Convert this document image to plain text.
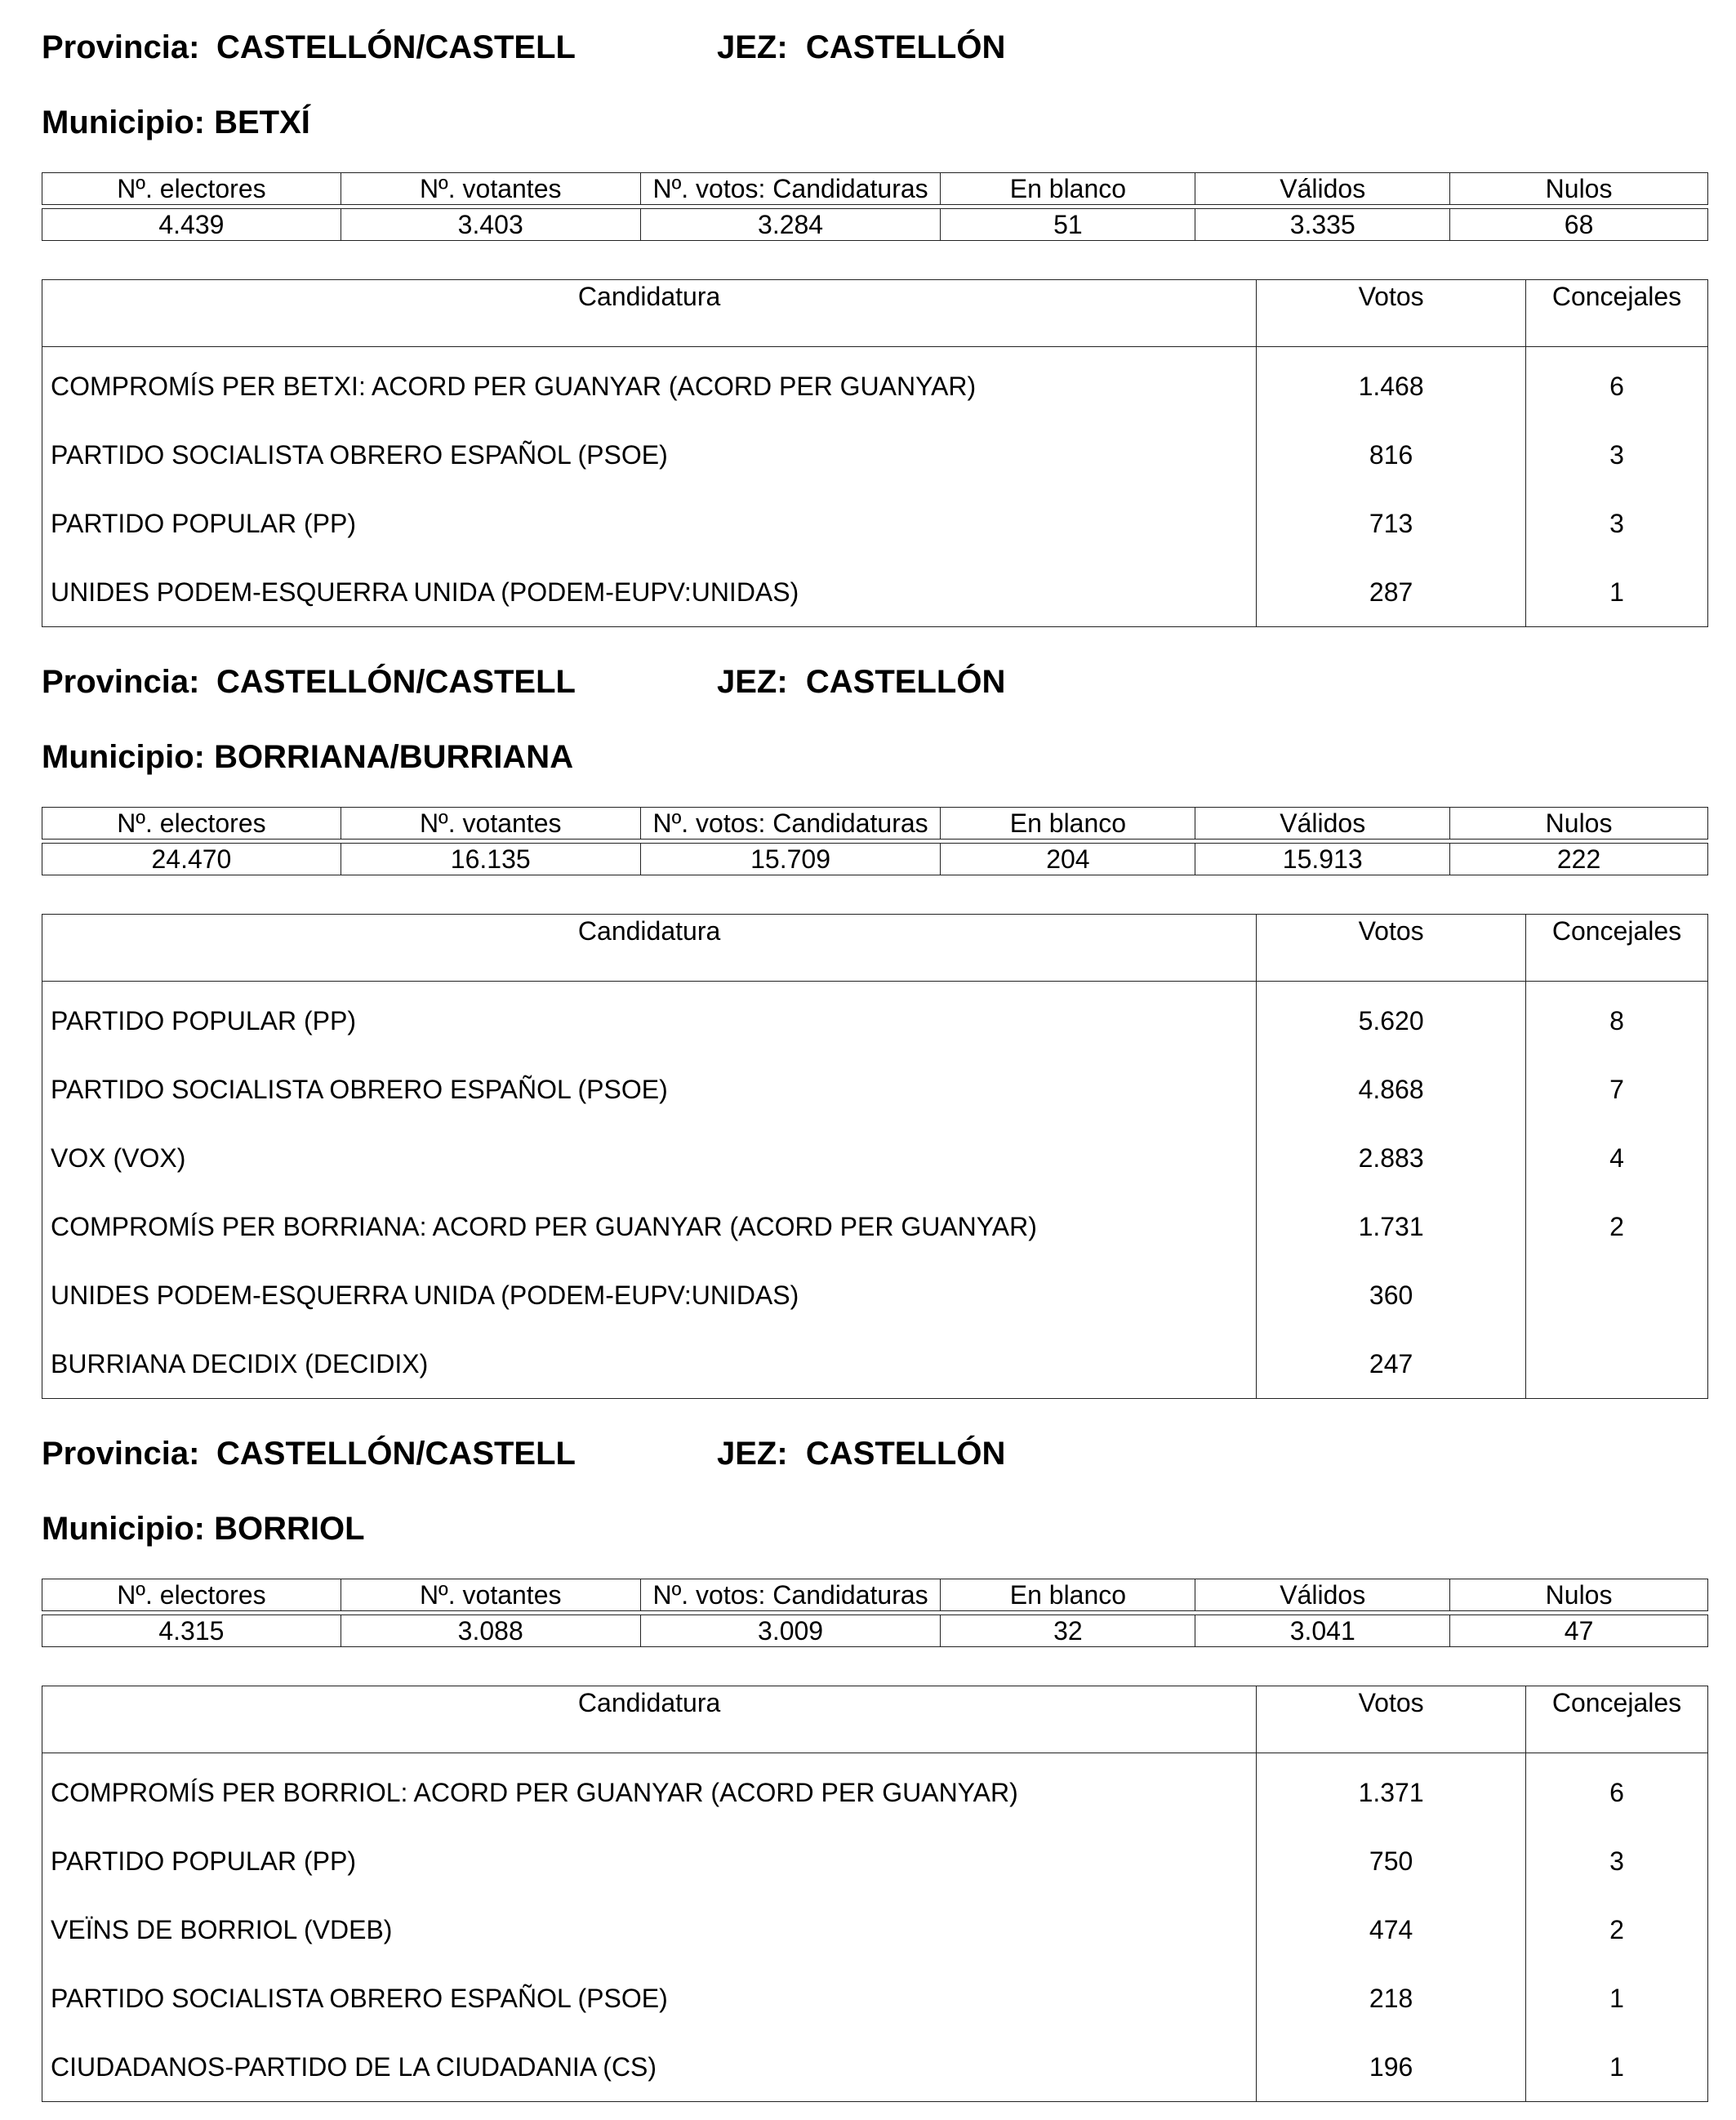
Provincia: CASTELLÓN/CASTELL	JEZ: CASTELLÓN
Municipio: BETXÍ
Nº. electores	Nº. votantes	Nº. votos: Candidaturas	En blanco	Válidos	Nulos

4.439	3.403	3.284	51	3.335	68
Candidatura	Votos	Concejales
COMPROMÍS PER BETXI: ACORD PER GUANYAR (ACORD PER GUANYAR)	1.468	6
PARTIDO SOCIALISTA OBRERO ESPAÑOL (PSOE)	816	3
PARTIDO POPULAR (PP)	713	3
UNIDES PODEM-ESQUERRA UNIDA (PODEM-EUPV:UNIDAS)	287	1
Provincia: CASTELLÓN/CASTELL	JEZ: CASTELLÓN
Municipio: BORRIANA/BURRIANA
Nº. electores	Nº. votantes	Nº. votos: Candidaturas	En blanco	Válidos	Nulos

24.470	16.135	15.709	204	15.913	222
Candidatura	Votos	Concejales
PARTIDO POPULAR (PP)	5.620	8
PARTIDO SOCIALISTA OBRERO ESPAÑOL (PSOE)	4.868	7
VOX (VOX)	2.883	4
COMPROMÍS PER BORRIANA: ACORD PER GUANYAR (ACORD PER GUANYAR)	1.731	2
UNIDES PODEM-ESQUERRA UNIDA (PODEM-EUPV:UNIDAS)	360	
BURRIANA DECIDIX (DECIDIX)	247	
Provincia: CASTELLÓN/CASTELL	JEZ: CASTELLÓN
Municipio: BORRIOL
Nº. electores	Nº. votantes	Nº. votos: Candidaturas	En blanco	Válidos	Nulos

4.315	3.088	3.009	32	3.041	47
Candidatura	Votos	Concejales
COMPROMÍS PER BORRIOL: ACORD PER GUANYAR (ACORD PER GUANYAR)	1.371	6
PARTIDO POPULAR (PP)	750	3
VEÏNS DE BORRIOL (VDEB)	474	2
PARTIDO SOCIALISTA OBRERO ESPAÑOL (PSOE)	218	1
CIUDADANOS-PARTIDO DE LA CIUDADANIA (CS)	196	1
